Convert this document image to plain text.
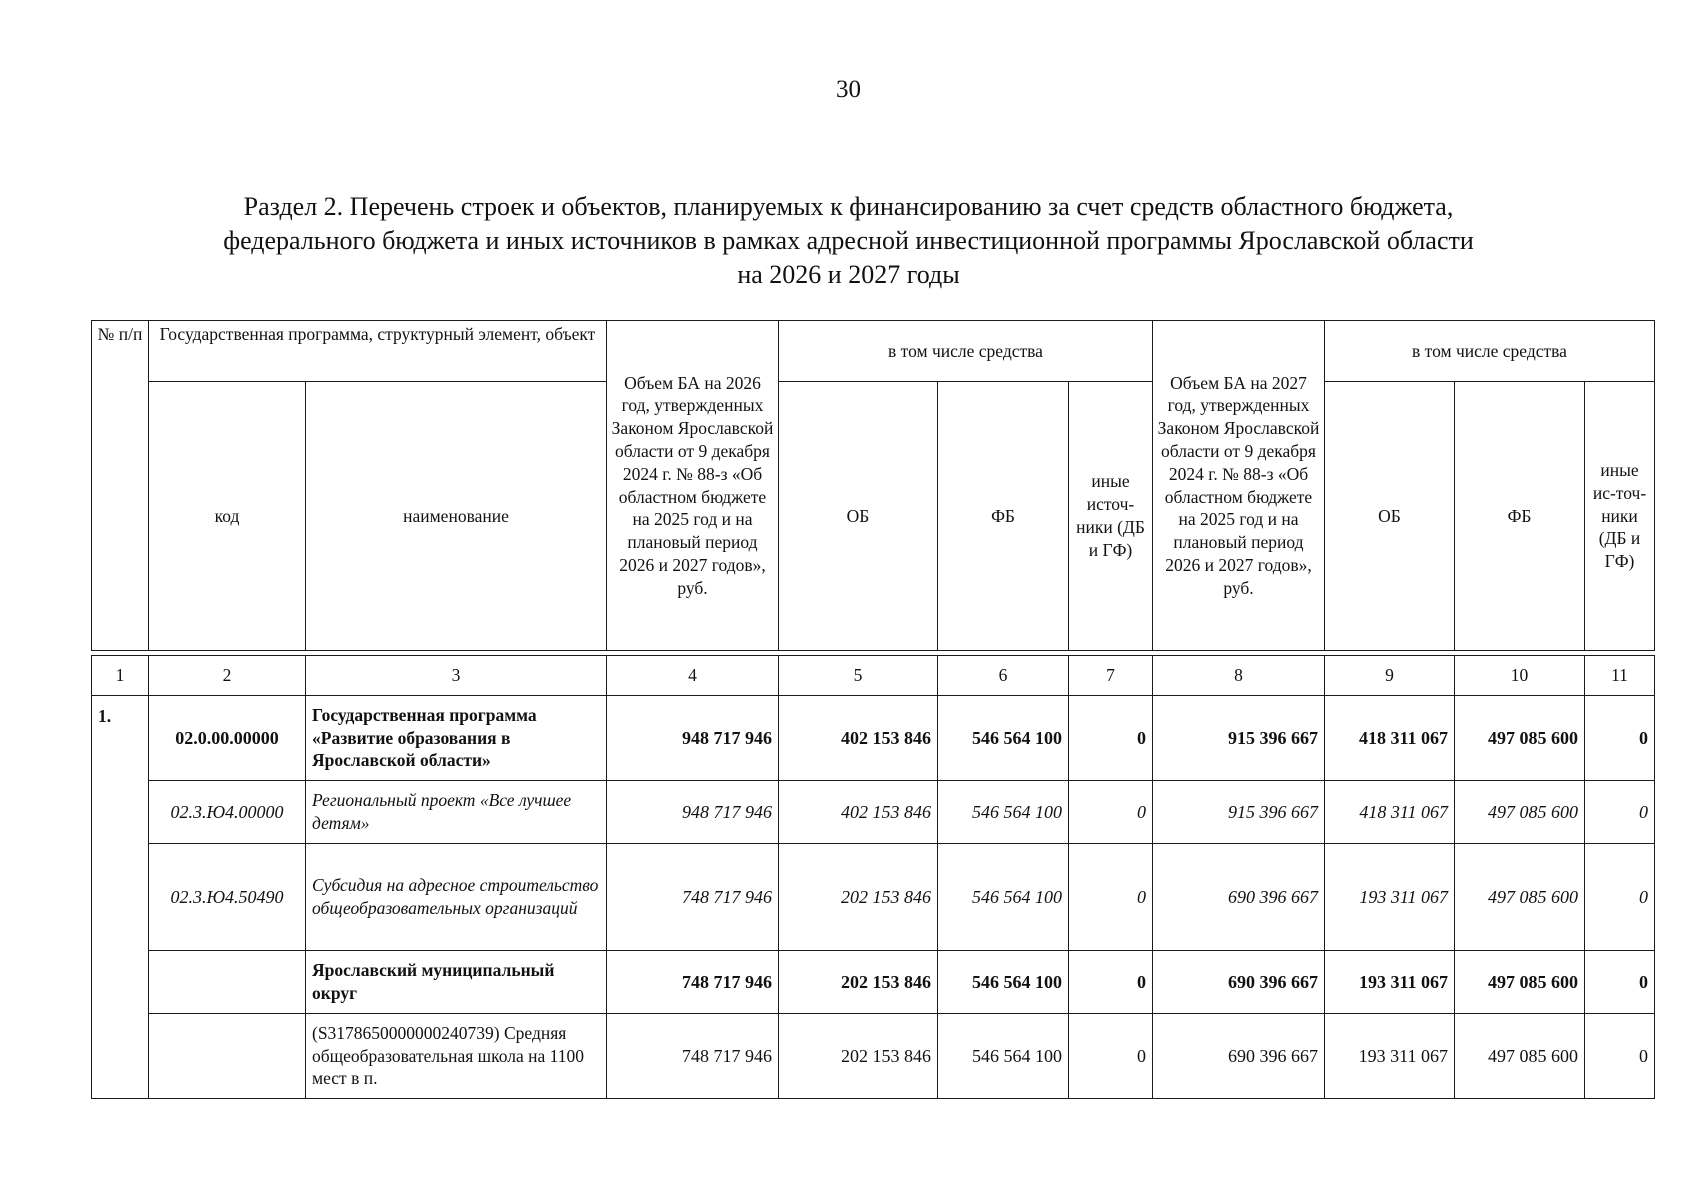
30
Раздел 2. Перечень строек и объектов, планируемых к финансированию за счет средств областного бюджета,
федерального бюджета и иных источников в рамках адресной инвестиционной программы Ярославской области
на 2026 и 2027 годы
№ п/п	Государственная программа, структурный элемент, объект		Объем БА на 2026 год, утвержденных Законом Ярославской области от 9 декабря 2024 г. № 88-з «Об областном бюджете на 2025 год и на плановый период 2026 и 2027 годов», руб.	в том числе средства			Объем БА на 2027 год, утвержденных Законом Ярославской области от 9 декабря 2024 г. № 88-з «Об областном бюджете на 2025 год и на плановый период 2026 и 2027 годов», руб.	в том числе средства		
	код	наименование		ОБ	ФБ	иные источ-ники (ДБ и ГФ)		ОБ	ФБ	иные ис-точ-ники (ДБ и ГФ)

1	2	3	4	5	6	7	8	9	10	11
1.	02.0.00.00000	Государственная программа «Развитие образования в Ярославской области»	948 717 946	402 153 846	546 564 100	0	915 396 667	418 311 067	497 085 600	0
	02.3.Ю4.00000	Региональный проект «Все лучшее детям»	948 717 946	402 153 846	546 564 100	0	915 396 667	418 311 067	497 085 600	0
	02.3.Ю4.50490	Субсидия на адресное строительство общеобразовательных организаций	748 717 946	202 153 846	546 564 100	0	690 396 667	193 311 067	497 085 600	0
		Ярославский муниципальный округ	748 717 946	202 153 846	546 564 100	0	690 396 667	193 311 067	497 085 600	0
		(S3178650000000240739) Средняя общеобразовательная школа на 1100 мест в п.	748 717 946	202 153 846	546 564 100	0	690 396 667	193 311 067	497 085 600	0
